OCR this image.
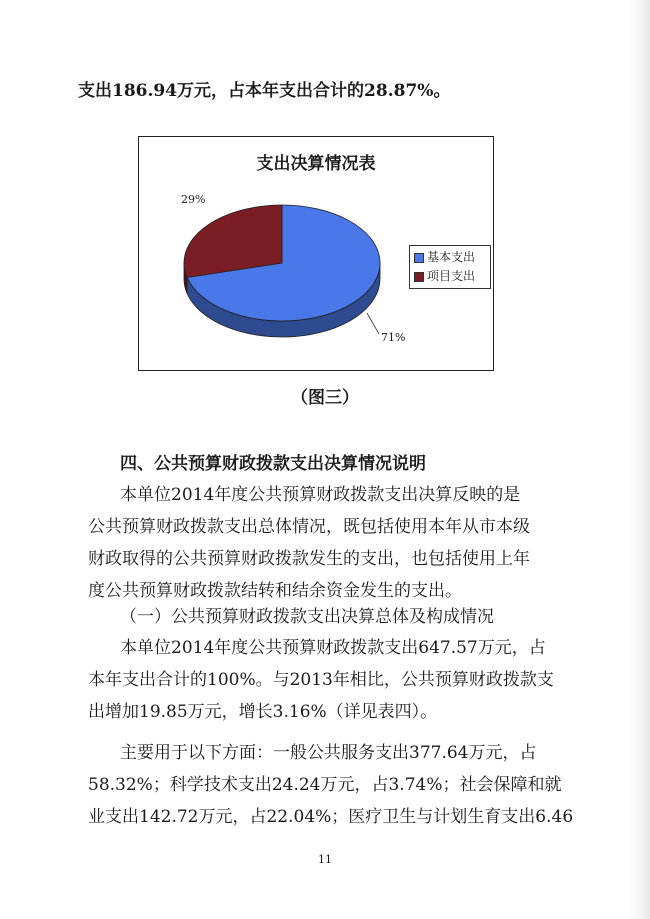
支出186.94万元，占本年支出合计的28.87%。
支出决算情况表
29%
71%
基本支出
项目支出
（图三）
四、公共预算财政拨款支出决算情况说明
本单位2014年度公共预算财政拨款支出决算反映的是
公共预算财政拨款支出总体情况，既包括使用本年从市本级
财政取得的公共预算财政拨款发生的支出，也包括使用上年
度公共预算财政拨款结转和结余资金发生的支出。
（一）公共预算财政拨款支出决算总体及构成情况
本单位2014年度公共预算财政拨款支出647.57万元，占
本年支出合计的100%。与2013年相比，公共预算财政拨款支
出增加19.85万元，增长3.16%（详见表四）。
主要用于以下方面：一般公共服务支出377.64万元，占
58.32%；科学技术支出24.24万元，占3.74%；社会保障和就
业支出142.72万元，占22.04%；医疗卫生与计划生育支出6.46
11
